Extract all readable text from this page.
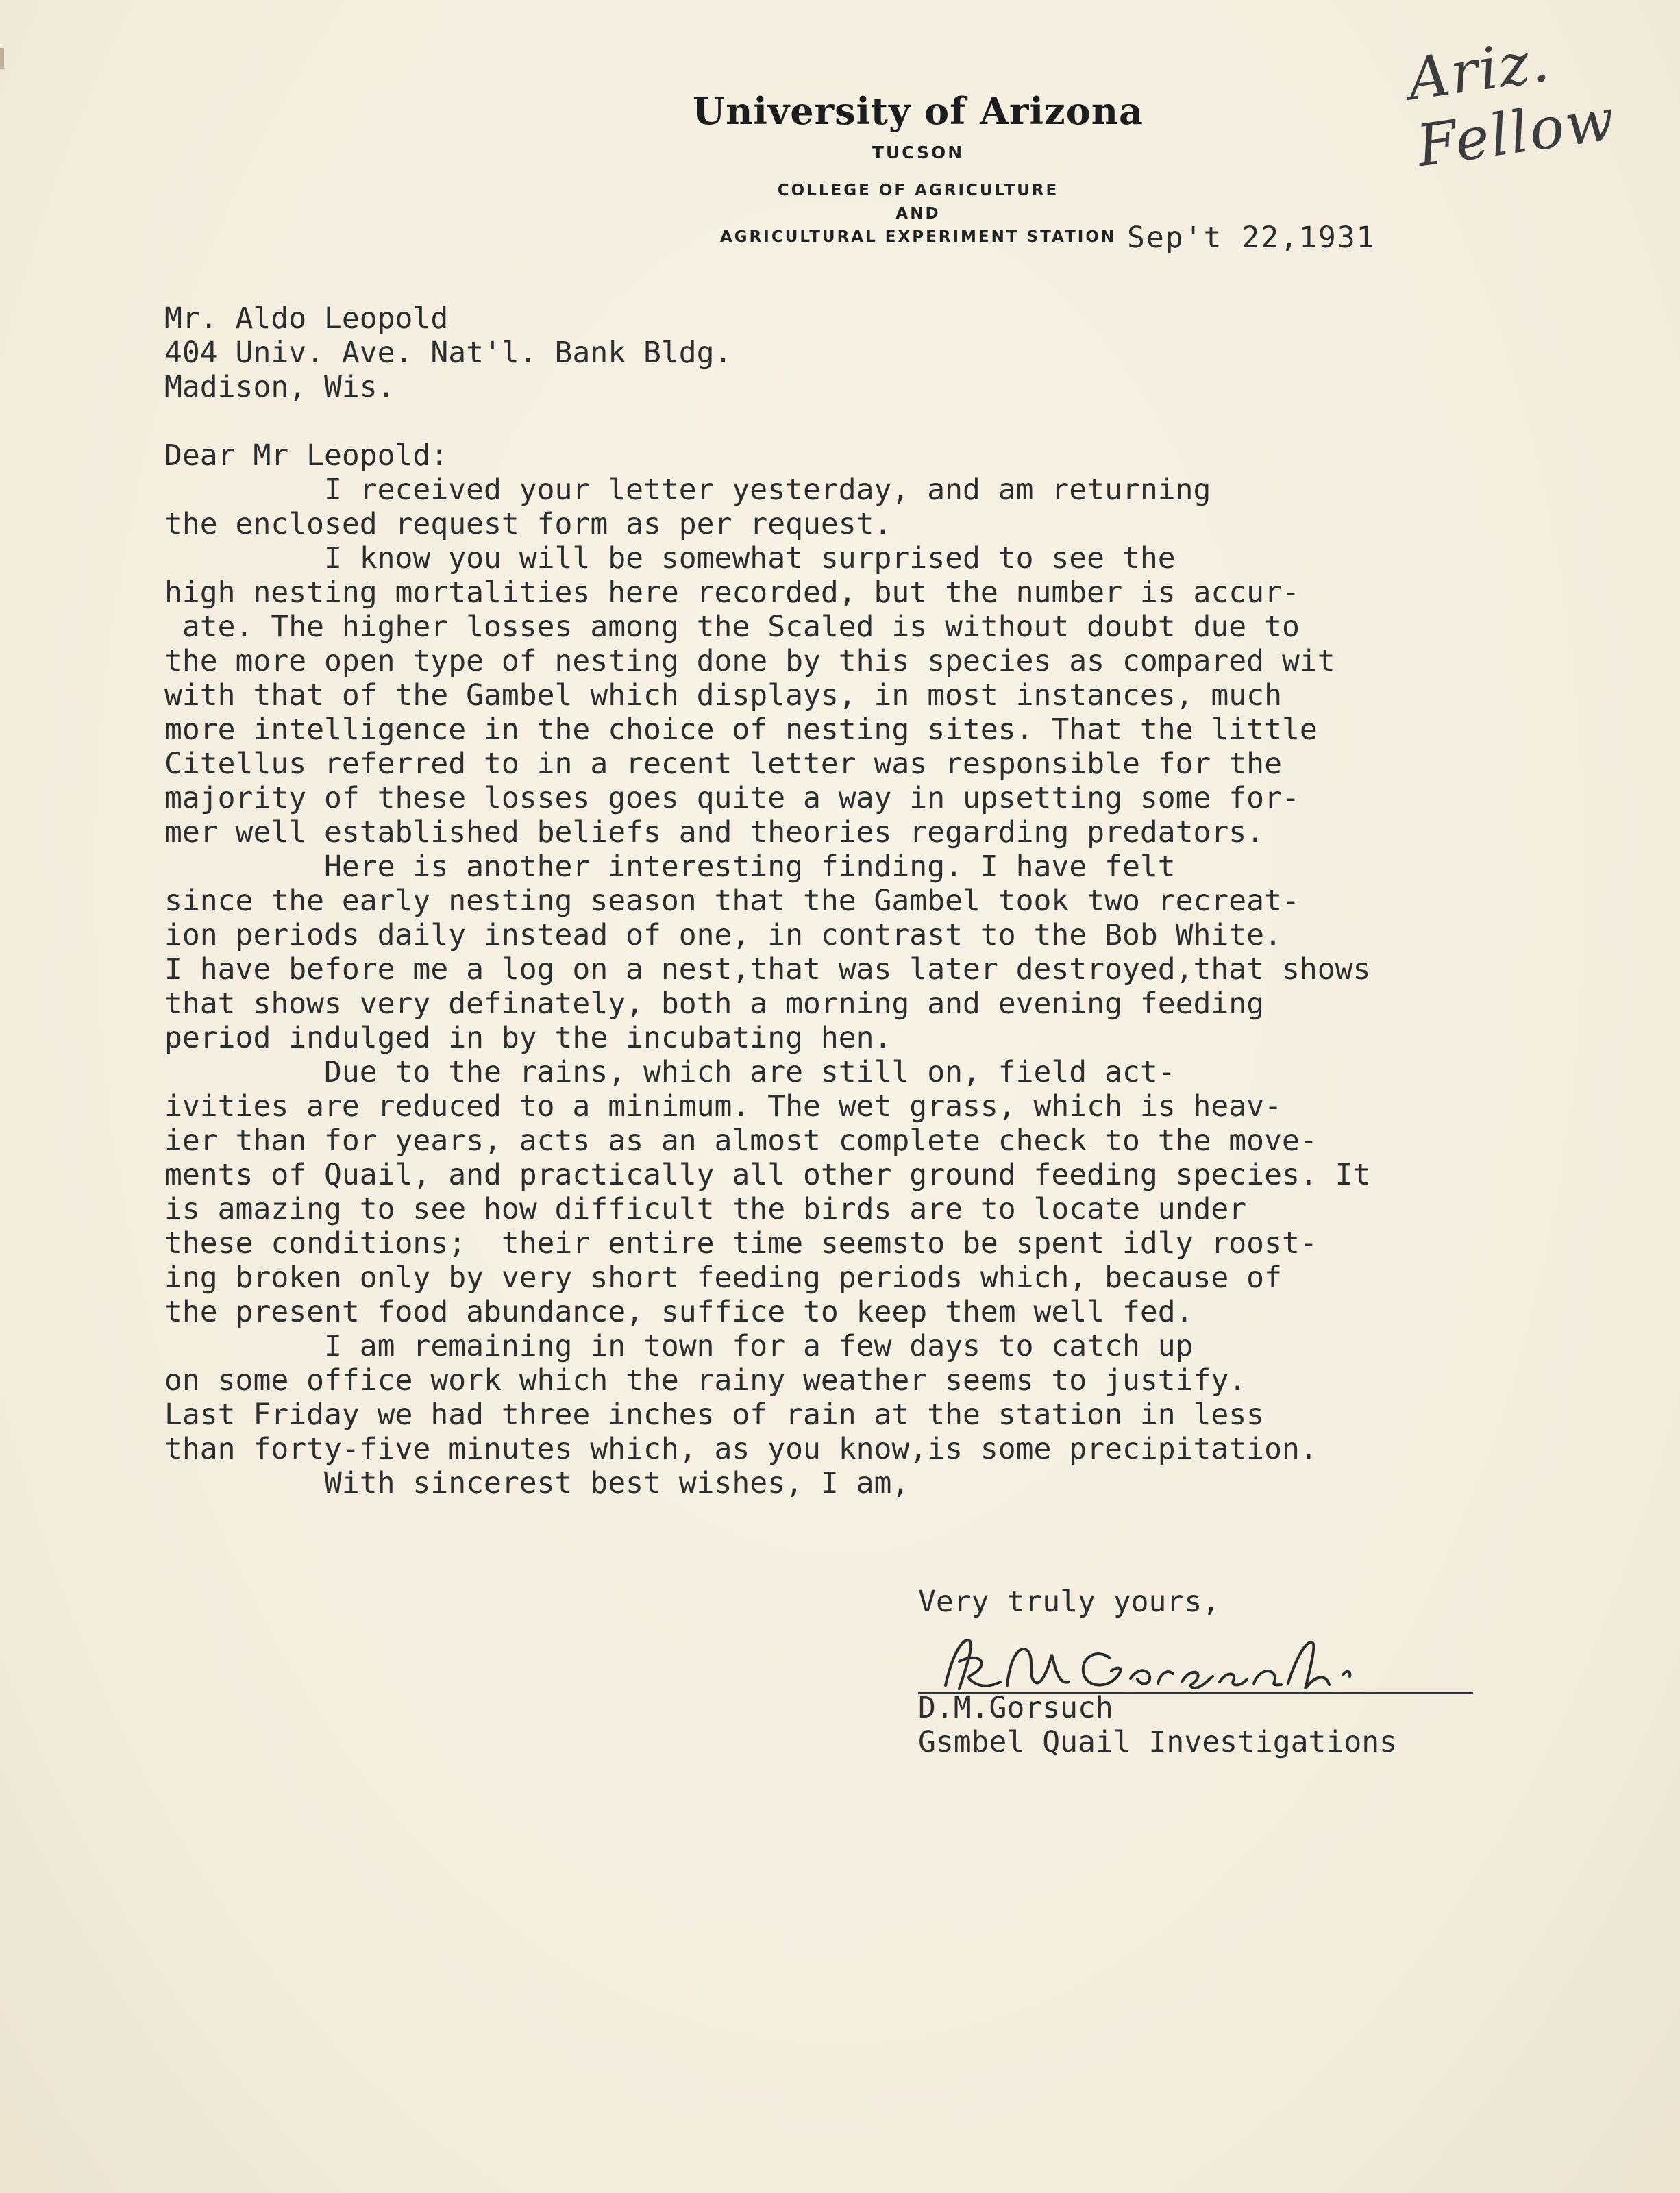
Ariz. Fellow
University of Arizona
TUCSON
COLLEGE OF AGRICULTURE
AND
AGRICULTURAL EXPERIMENT STATION Sep't 22,1931
Mr. Aldo Leopold
404 Univ. Ave. Nat'l. Bank Bldg.
Madison, Wis.
Dear Mr Leopold:
I received your letter yesterday, and am returning
the enclosed request form as per request.
I know you will be somewhat surprised to see the
high nesting mortalities here recorded, but the number is accur-
ate. The higher losses among the Scaled is without doubt due to
the more open type of nesting done by this species as compared wit
with that of the Gambel which displays, in most instances, much
more intelligence in the choice of nesting sites. That the little
Citellus referred to in a recent letter was responsible for the
majority of these losses goes quite a way in upsetting some for-
mer well established beliefs and theories regarding predators.
Here is another interesting finding. I have felt
since the early nesting season that the Gambel took two recreat-
ion periods daily instead of one, in contrast to the Bob White.
I have before me a log on a nest,that was later destroyed,that shows
that shows very definately, both a morning and evening feeding
period indulged in by the incubating hen.
Due to the rains, which are still on, field act-
ivities are reduced to a minimum. The wet grass, which is heav-
ier than for years, acts as an almost complete check to the move-
ments of Quail, and practically all other ground feeding species. It
is amazing to see how difficult the birds are to locate under
these conditions;  their entire time seemsto be spent idly roost-
ing broken only by very short feeding periods which, because of
the present food abundance, suffice to keep them well fed.
I am remaining in town for a few days to catch up
on some office work which the rainy weather seems to justify.
Last Friday we had three inches of rain at the station in less
than forty-five minutes which, as you know,is some precipitation.
With sincerest best wishes, I am,
Very truly yours,
D.M.Gorsuch
Gsmbel Quail Investigations
